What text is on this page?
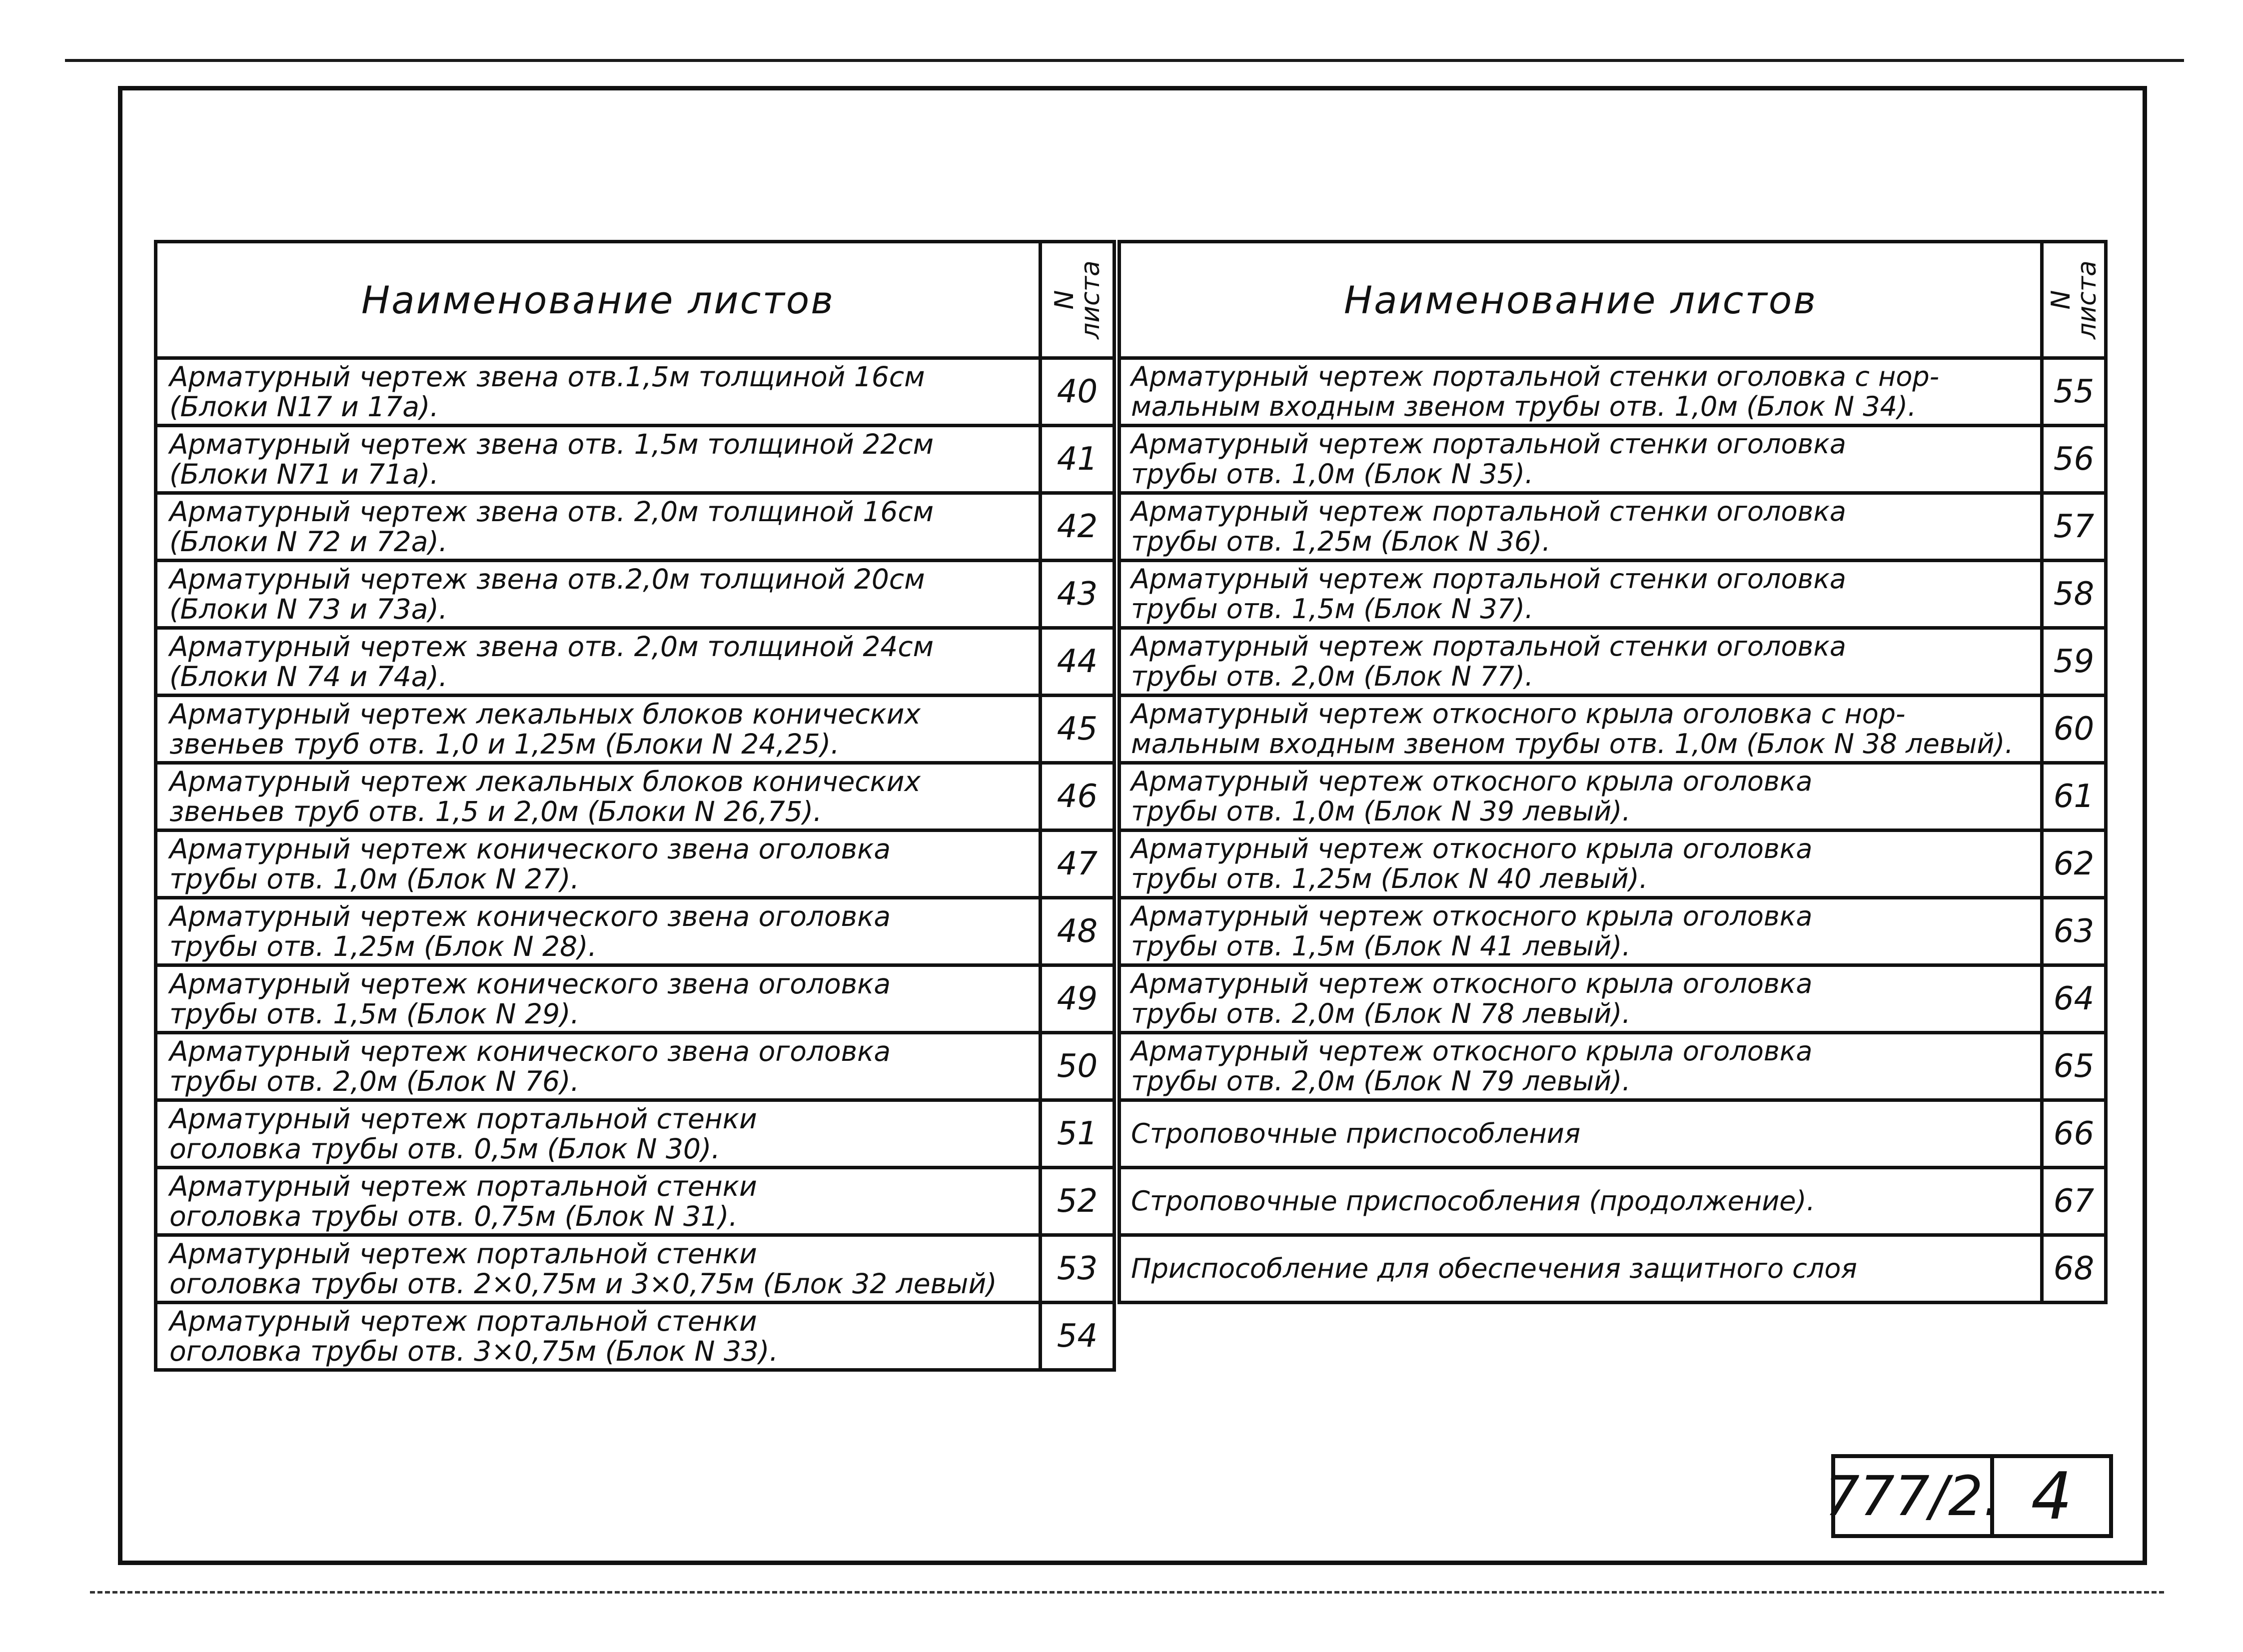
Наименование листов	N
листа

Арматурный чертеж звена отв.1,5м толщиной 16см
(Блоки N17 и 17а).	40
Арматурный чертеж звена отв. 1,5м толщиной 22см
(Блоки N71 и 71а).	41
Арматурный чертеж звена отв. 2,0м толщиной 16см
(Блоки N 72 и 72а).	42
Арматурный чертеж звена отв.2,0м толщиной 20см
(Блоки N 73 и 73а).	43
Арматурный чертеж звена отв. 2,0м толщиной 24см
(Блоки N 74 и 74а).	44
Арматурный чертеж лекальных блоков конических
звеньев труб отв. 1,0 и 1,25м (Блоки N 24,25).	45
Арматурный чертеж лекальных блоков конических
звеньев труб отв. 1,5 и 2,0м (Блоки N 26,75).	46
Арматурный чертеж конического звена оголовка
трубы отв. 1,0м (Блок N 27).	47
Арматурный чертеж конического звена оголовка
трубы отв. 1,25м (Блок N 28).	48
Арматурный чертеж конического звена оголовка
трубы отв. 1,5м (Блок N 29).	49
Арматурный чертеж конического звена оголовка
трубы отв. 2,0м (Блок N 76).	50
Арматурный чертеж портальной стенки
оголовка трубы отв. 0,5м (Блок N 30).	51
Арматурный чертеж портальной стенки
оголовка трубы отв. 0,75м (Блок N 31).	52
Арматурный чертеж портальной стенки
оголовка трубы отв. 2×0,75м и 3×0,75м (Блок 32 левый)	53
Арматурный чертеж портальной стенки
оголовка трубы отв. 3×0,75м (Блок N 33).	54
Наименование листов	N
листа

Арматурный чертеж портальной стенки оголовка с нор-
мальным входным звеном трубы отв. 1,0м (Блок N 34).	55
Арматурный чертеж портальной стенки оголовка
трубы отв. 1,0м (Блок N 35).	56
Арматурный чертеж портальной стенки оголовка
трубы отв. 1,25м (Блок N 36).	57
Арматурный чертеж портальной стенки оголовка
трубы отв. 1,5м (Блок N 37).	58
Арматурный чертеж портальной стенки оголовка
трубы отв. 2,0м (Блок N 77).	59
Арматурный чертеж откосного крыла оголовка с нор-
мальным входным звеном трубы отв. 1,0м (Блок N 38 левый).	60
Арматурный чертеж откосного крыла оголовка
трубы отв. 1,0м (Блок N 39 левый).	61
Арматурный чертеж откосного крыла оголовка
трубы отв. 1,25м (Блок N 40 левый).	62
Арматурный чертеж откосного крыла оголовка
трубы отв. 1,5м (Блок N 41 левый).	63
Арматурный чертеж откосного крыла оголовка
трубы отв. 2,0м (Блок N 78 левый).	64
Арматурный чертеж откосного крыла оголовка
трубы отв. 2,0м (Блок N 79 левый).	65
Строповочные приспособления	66
Строповочные приспособления (продолжение).	67
Приспособление для обеспечения защитного слоя	68
777/2. 4
